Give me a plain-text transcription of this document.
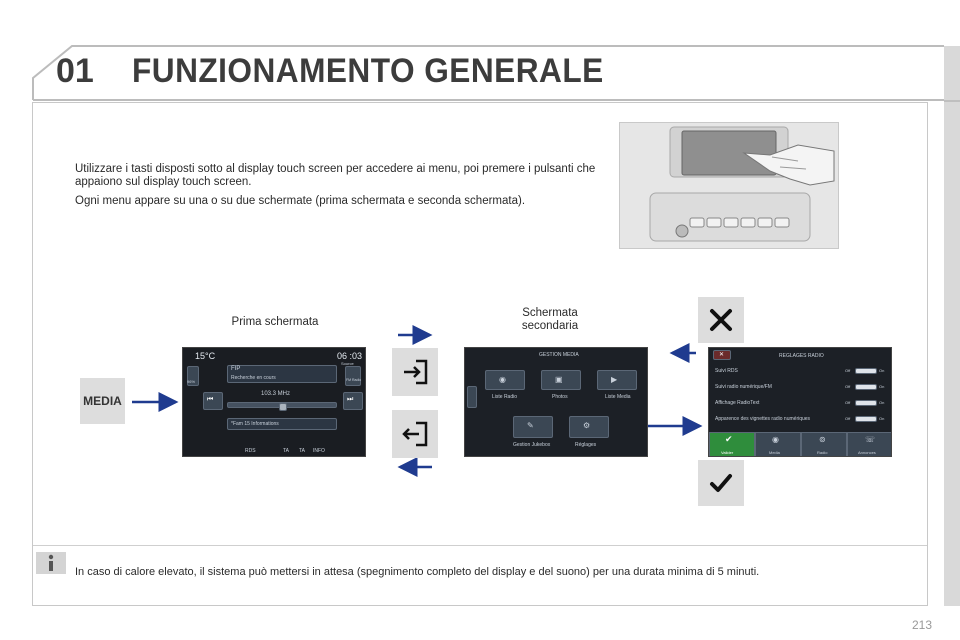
01 FUNZIONAMENTO GENERALE

Utilizzare i tasti disposti sotto al display touch screen per accedere ai menu, poi premere i pulsanti che appaiono sul display touch screen.

Ogni menu appare su una o su due schermate (prima schermata e seconda schermata).

Prima schermata
Schermata
secondaria
MEDIA
15°C	06 :03
Source
96%	FM Radio
FIP
Recherche en cours
⏮	⏭
103.3 MHz
*Fam 15 Informations
RDS	TA TA INFO
GESTION MEDIA
◉
Liste Radio
▣
Photos
▶
Liste Media
✎
Gestion Jukebox
⚙
Réglages
✕	REGLAGES RADIO
Suivi RDS	Off	On
Suivi radio numérique/FM	Off	On
Affichage RadioText	Off	On
Apparence des vignettes radio numériques	Off	On
✔
Valider
◉
Media
⊚
Radio
☏
Annonces
In caso di calore elevato, il sistema può mettersi in attesa (spegnimento completo del display e del suono) per una durata minima di 5 minuti.
213
